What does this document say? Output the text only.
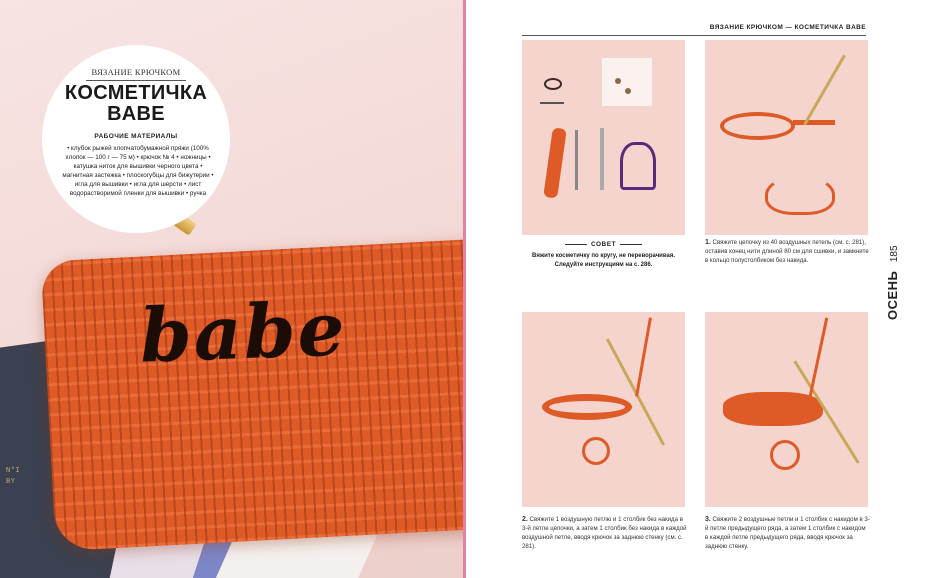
N°I
BY
babe
ВЯЗАНИЕ КРЮЧКОМ
КОСМЕТИЧКА
BABE
РАБОЧИЕ МАТЕРИАЛЫ
• клубок рыжей хлопчатобумажной пряжи (100% хлопок — 100 г — 75 м) • крючок № 4 • ножницы • катушка ниток для вышивки черного цвета • магнитная застежка • плоскогубцы для бижутерии • игла для вышивки • игла для шерсти • лист водорастворимой пленки для вышивки • ручка
ВЯЗАНИЕ КРЮЧКОМ — КОСМЕТИЧКА BABE
СОВЕТ
Вяжите косметичку по кругу, не переворачивая. Следуйте инструкциям на с. 286.
1. Свяжите цепочку из 40 воздушных петель (см. с. 281), оставив конец нити длиной 80 см для сшивки, и замкните в кольцо полустолбиком без накида.
2. Свяжите 1 воздушную петлю и 1 столбик без накида в 3-й петле цепочки, а затем 1 столбик без накида в каждой воздушной петле, вводя крючок за заднюю стенку (см. с. 281).
3. Свяжите 2 воздушные петли и 1 столбик с накидом в 3-й петле предыдущего ряда, а затем 1 столбик с накидом в каждой петле предыдущего ряда, вводя крючок за заднюю стенку.
ОСЕНЬ 185
